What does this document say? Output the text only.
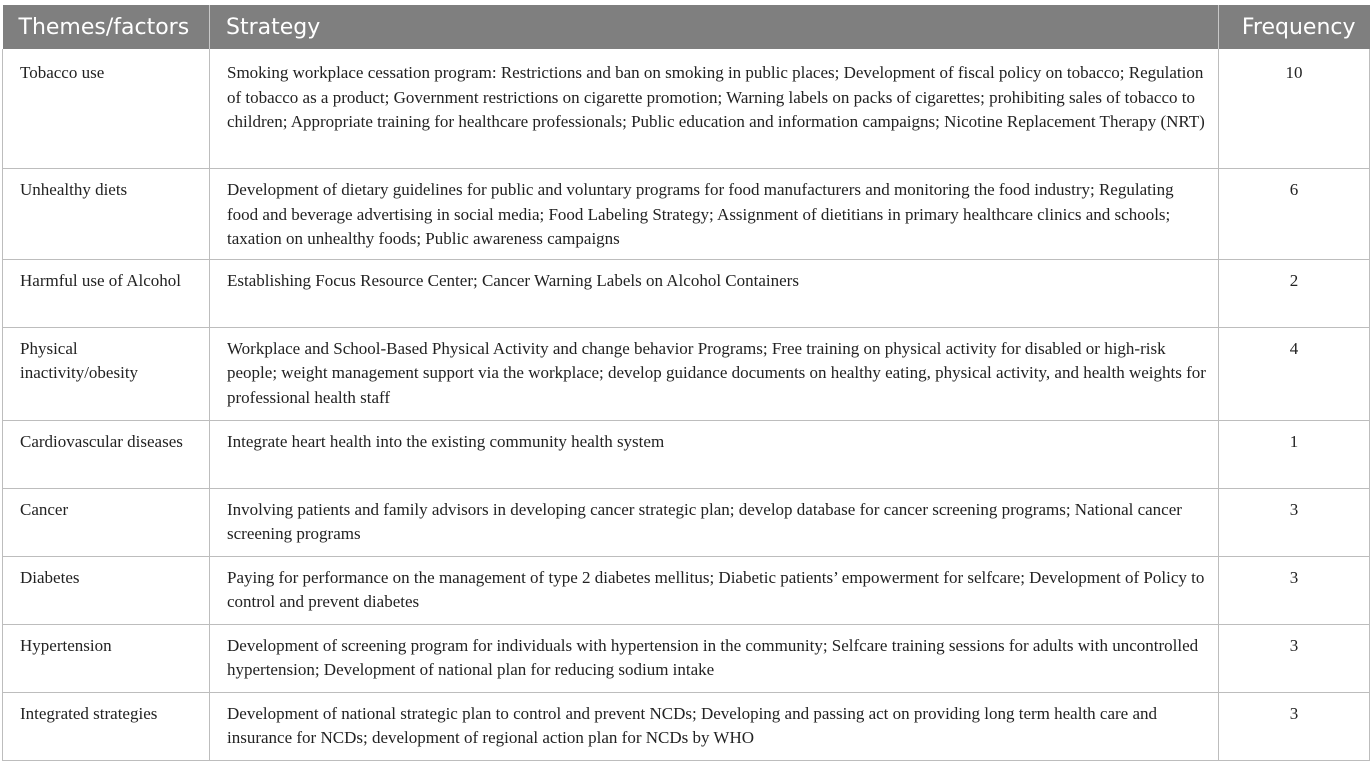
Themes/factors	Strategy	Frequency
Tobacco use	Smoking workplace cessation program: Restrictions and ban on smoking in public places; Development of fiscal policy on tobacco; Regulation of tobacco as a product; Government restrictions on cigarette promotion; Warning labels on packs of cigarettes; prohibiting sales of tobacco to children; Appropriate training for healthcare professionals; Public education and information campaigns; Nicotine Replacement Therapy (NRT)	10
Unhealthy diets	Development of dietary guidelines for public and voluntary programs for food manufacturers and monitoring the food industry; Regulating food and beverage advertising in social media; Food Labeling Strategy; Assignment of dietitians in primary healthcare clinics and schools; taxation on unhealthy foods; Public awareness campaigns	6
Harmful use of Alcohol	Establishing Focus Resource Center; Cancer Warning Labels on Alcohol Containers	2
Physical inactivity/obesity	Workplace and School-Based Physical Activity and change behavior Programs; Free training on physical activity for disabled or high-risk people; weight management support via the workplace; develop guidance documents on healthy eating, physical activity, and health weights for professional health staff	4
Cardiovascular diseases	Integrate heart health into the existing community health system	1
Cancer	Involving patients and family advisors in developing cancer strategic plan; develop database for cancer screening programs; National cancer screening programs	3
Diabetes	Paying for performance on the management of type 2 diabetes mellitus; Diabetic patients’ empowerment for selfcare; Development of Policy to control and prevent diabetes	3
Hypertension	Development of screening program for individuals with hypertension in the community; Selfcare training sessions for adults with uncontrolled hypertension; Development of national plan for reducing sodium intake	3
Integrated strategies	Development of national strategic plan to control and prevent NCDs; Developing and passing act on providing long term health care and insurance for NCDs; development of regional action plan for NCDs by WHO	3
